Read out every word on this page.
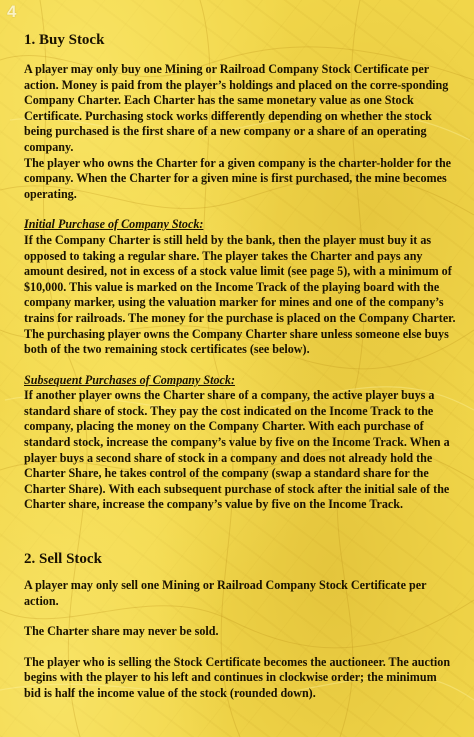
4
1. Buy Stock

A player may only buy one Mining or Railroad Company Stock Certificate per action. Money is paid from the player’s holdings and placed on the corre-sponding Company Charter. Each Charter has the same monetary value as one Stock Certificate. Purchasing stock works differently depending on whether the stock being purchased is the first share of a new company or a share of an operating company.

The player who owns the Charter for a given company is the charter-holder for the company. When the Charter for a given mine is first purchased, the mine becomes operating.

Initial Purchase of Company Stock:

If the Company Charter is still held by the bank, then the player must buy it as opposed to taking a regular share. The player takes the Charter and pays any amount desired, not in excess of a stock value limit (see page 5), with a minimum of $10,000. This value is marked on the Income Track of the playing board with the company marker, using the valuation marker for mines and one of the company’s trains for railroads. The money for the purchase is placed on the Company Charter. The purchasing player owns the Company Charter share unless someone else buys both of the two remaining stock certificates (see below).

Subsequent Purchases of Company Stock:

If another player owns the Charter share of a company, the active player buys a standard share of stock. They pay the cost indicated on the Income Track to the company, placing the money on the Company Charter. With each purchase of standard stock, increase the company’s value by five on the Income Track. When a player buys a second share of stock in a company and does not already hold the Charter Share, he takes control of the company (swap a standard share for the Charter Share). With each subsequent purchase of stock after the initial sale of the Charter share, increase the company’s value by five on the Income Track.

2. Sell Stock

A player may only sell one Mining or Railroad Company Stock Certificate per action.

The Charter share may never be sold.

The player who is selling the Stock Certificate becomes the auctioneer. The auction begins with the player to his left and continues in clockwise order; the minimum bid is half the income value of the stock (rounded down).
